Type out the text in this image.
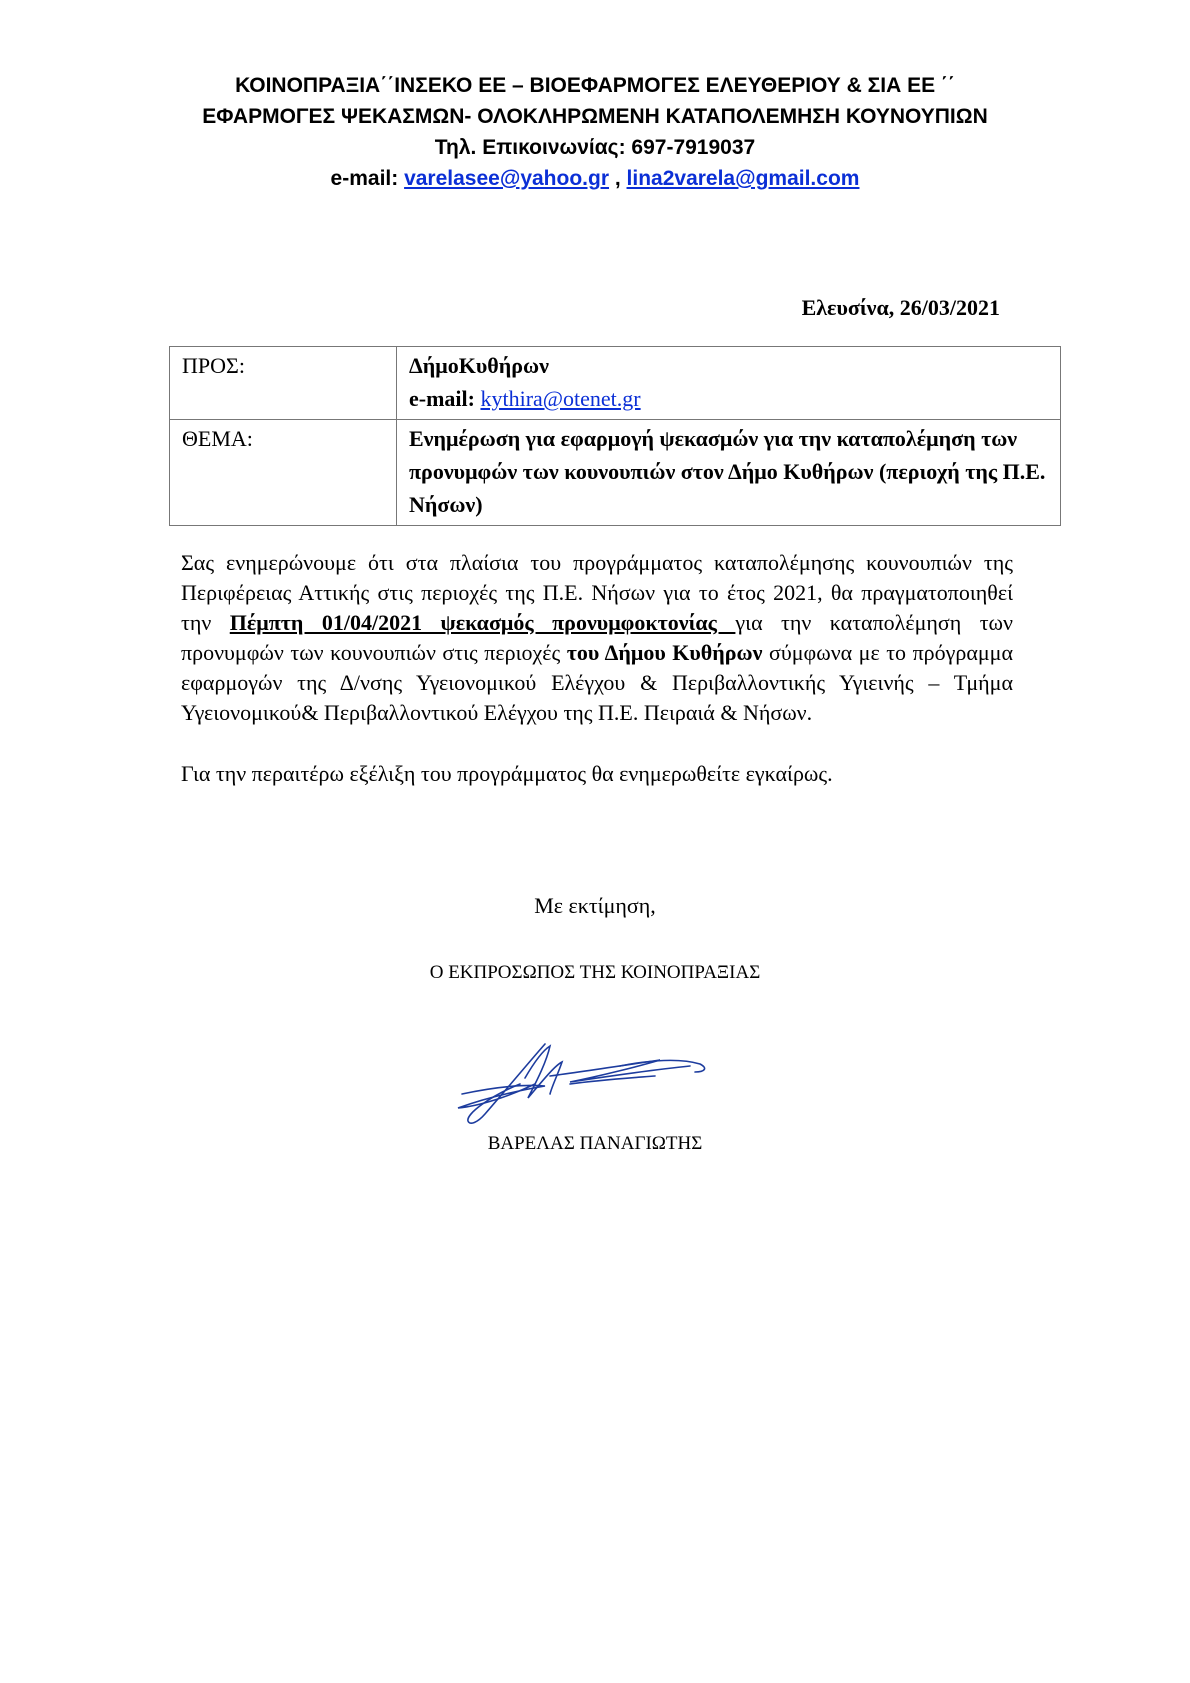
ΚΟΙΝΟΠΡΑΞΙΑ΄΄ΙΝΣΕΚΟ ΕΕ – ΒΙΟΕΦΑΡΜΟΓΕΣ ΕΛΕΥΘΕΡΙΟΥ & ΣΙΑ ΕΕ ΄΄
ΕΦΑΡΜΟΓΕΣ ΨΕΚΑΣΜΩΝ- ΟΛΟΚΛΗΡΩΜΕΝΗ ΚΑΤΑΠΟΛΕΜΗΣΗ ΚΟΥΝΟΥΠΙΩΝ
Τηλ. Επικοινωνίας: 697-7919037
e-mail: varelasee@yahoo.gr , lina2varela@gmail.com
Ελευσίνα, 26/03/2021
ΠΡΟΣ:	ΔήμοΚυθήρων
e-mail: kythira@otenet.gr

ΘΕΜΑ:	Ενημέρωση για εφαρμογή ψεκασμών για την καταπολέμηση των προνυμφών των κουνουπιών στον Δήμο Κυθήρων (περιοχή της Π.Ε. Νήσων)

Σας ενημερώνουμε ότι στα πλαίσια του προγράμματος καταπολέμησης κουνουπιών της Περιφέρειας Αττικής στις περιοχές της Π.Ε. Νήσων για το έτος 2021, θα πραγματοποιηθεί την Πέμπτη 01/04/2021 ψεκασμός προνυμφοκτονίας για την καταπολέμηση των προνυμφών των κουνουπιών στις περιοχές του Δήμου Κυθήρων σύμφωνα με το πρόγραμμα εφαρμογών της Δ/νσης Υγειονομικού Ελέγχου & Περιβαλλοντικής Υγιεινής – Τμήμα Υγειονομικού& Περιβαλλοντικού Ελέγχου της Π.Ε. Πειραιά & Νήσων.

Για την περαιτέρω εξέλιξη του προγράμματος θα ενημερωθείτε εγκαίρως.

Με εκτίμηση,
Ο ΕΚΠΡΟΣΩΠΟΣ ΤΗΣ ΚΟΙΝΟΠΡΑΞΙΑΣ
ΒΑΡΕΛΑΣ ΠΑΝΑΓΙΩΤΗΣ
